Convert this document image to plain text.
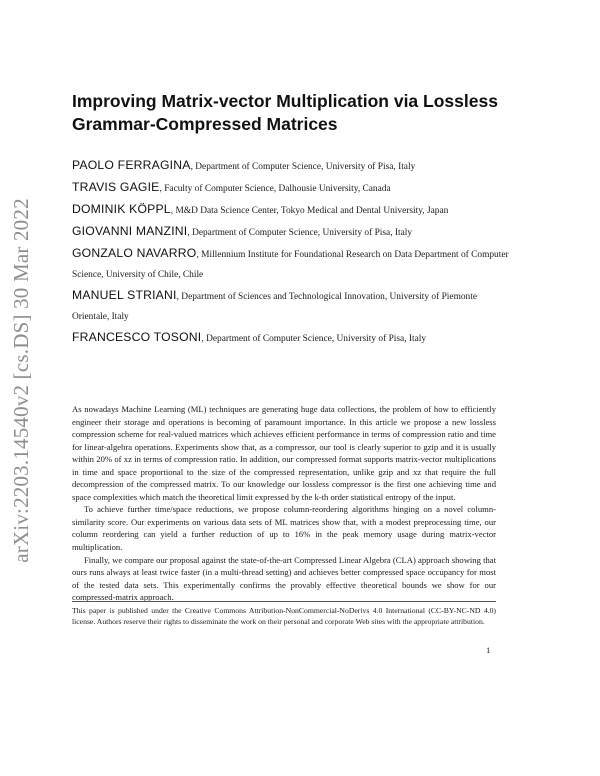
arXiv:2203.14540v2 [cs.DS] 30 Mar 2022
Improving Matrix-vector Multiplication via Lossless Grammar-Compressed Matrices

PAOLO FERRAGINA, Department of Computer Science, University of Pisa, Italy

TRAVIS GAGIE, Faculty of Computer Science, Dalhousie University, Canada

DOMINIK KÖPPL, M&D Data Science Center, Tokyo Medical and Dental University, Japan

GIOVANNI MANZINI, Department of Computer Science, University of Pisa, Italy

GONZALO NAVARRO, Millennium Institute for Foundational Research on Data Department of Computer Science, University of Chile, Chile

MANUEL STRIANI, Department of Sciences and Technological Innovation, University of Piemonte Orientale, Italy

FRANCESCO TOSONI, Department of Computer Science, University of Pisa, Italy

As nowadays Machine Learning (ML) techniques are generating huge data collections, the problem of how to efficiently engineer their storage and operations is becoming of paramount importance. In this article we propose a new lossless compression scheme for real-valued matrices which achieves efficient performance in terms of compression ratio and time for linear-algebra operations. Experiments show that, as a compressor, our tool is clearly superior to gzip and it is usually within 20% of xz in terms of compression ratio. In addition, our compressed format supports matrix-vector multiplications in time and space proportional to the size of the compressed representation, unlike gzip and xz that require the full decompression of the compressed matrix. To our knowledge our lossless compressor is the first one achieving time and space complexities which match the theoretical limit expressed by the k-th order statistical entropy of the input.

To achieve further time/space reductions, we propose column-reordering algorithms hinging on a novel column-similarity score. Our experiments on various data sets of ML matrices show that, with a modest preprocessing time, our column reordering can yield a further reduction of up to 16% in the peak memory usage during matrix-vector multiplication.

Finally, we compare our proposal against the state-of-the-art Compressed Linear Algebra (CLA) approach showing that ours runs always at least twice faster (in a multi-thread setting) and achieves better compressed space occupancy for most of the tested data sets. This experimentally confirms the provably effective theoretical bounds we show for our compressed-matrix approach.

This paper is published under the Creative Commons Attribution-NonCommercial-NoDerivs 4.0 International (CC-BY-NC-ND 4.0) license. Authors reserve their rights to disseminate the work on their personal and corporate Web sites with the appropriate attribution.

1
